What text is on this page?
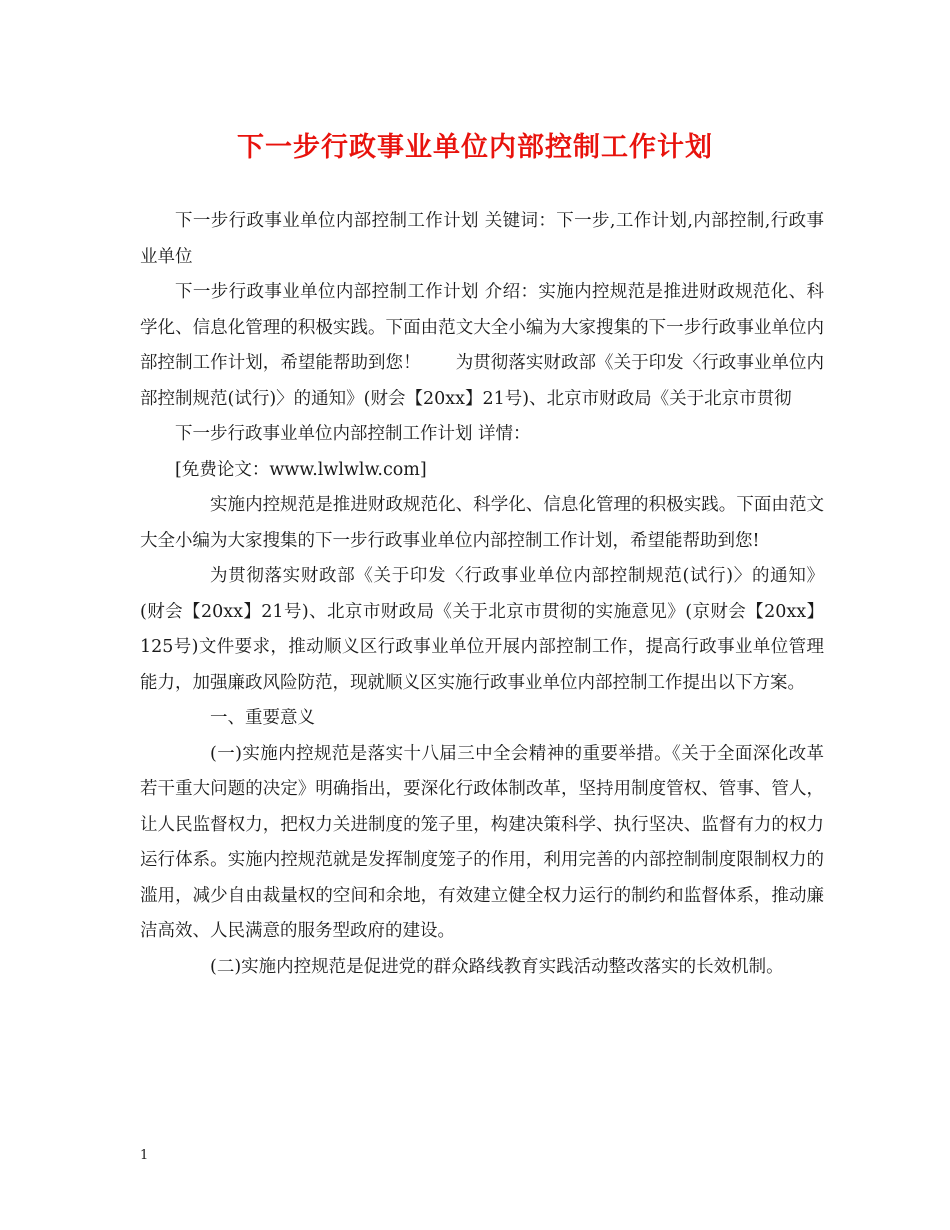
下一步行政事业单位内部控制工作计划

下一步行政事业单位内部控制工作计划 关键词：下一步,工作计划,内部控制,行政事业单位

下一步行政事业单位内部控制工作计划 介绍：实施内控规范是推进财政规范化、科学化、信息化管理的积极实践。下面由范文大全小编为大家搜集的下一步行政事业单位内部控制工作计划，希望能帮助到您！　　为贯彻落实财政部《关于印发〈行政事业单位内部控制规范(试行)〉的通知》(财会【20xx】21号)、北京市财政局《关于北京市贯彻

下一步行政事业单位内部控制工作计划 详情：

[免费论文：www.lwlwlw.com]

实施内控规范是推进财政规范化、科学化、信息化管理的积极实践。下面由范文大全小编为大家搜集的下一步行政事业单位内部控制工作计划，希望能帮助到您!

为贯彻落实财政部《关于印发〈行政事业单位内部控制规范(试行)〉的通知》(财会【20xx】21号)、北京市财政局《关于北京市贯彻的实施意见》(京财会【20xx】125号)文件要求，推动顺义区行政事业单位开展内部控制工作，提高行政事业单位管理能力，加强廉政风险防范，现就顺义区实施行政事业单位内部控制工作提出以下方案。

一、重要意义

(一)实施内控规范是落实十八届三中全会精神的重要举措。《关于全面深化改革若干重大问题的决定》明确指出，要深化行政体制改革，坚持用制度管权、管事、管人，让人民监督权力，把权力关进制度的笼子里，构建决策科学、执行坚决、监督有力的权力运行体系。实施内控规范就是发挥制度笼子的作用，利用完善的内部控制制度限制权力的滥用，减少自由裁量权的空间和余地，有效建立健全权力运行的制约和监督体系，推动廉洁高效、人民满意的服务型政府的建设。

(二)实施内控规范是促进党的群众路线教育实践活动整改落实的长效机制。

1
